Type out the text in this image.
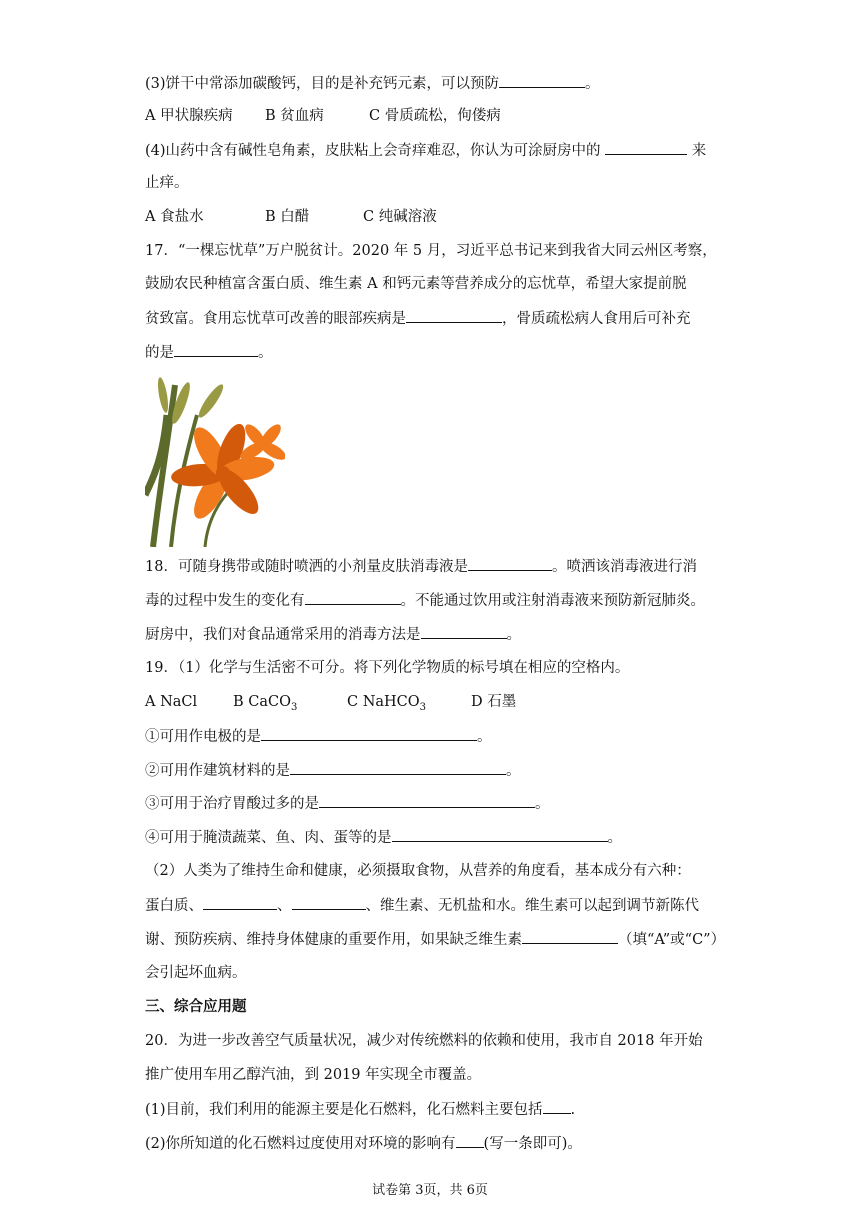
(3)饼干中常添加碳酸钙，目的是补充钙元素，可以预防	。
A 甲状腺疾病 B 贫血病	C 骨质疏松，佝偻病
(4)山药中含有碱性皂角素，皮肤粘上会奇痒难忍，你认为可涂厨房中的	来
止痒。
A 食盐水	B 白醋	C 纯碱溶液
17．“一棵忘忧草”万户脱贫计。2020 年 5 月，习近平总书记来到我省大同云州区考察，
鼓励农民种植富含蛋白质、维生素 A 和钙元素等营养成分的忘忧草，希望大家提前脱
贫致富。食用忘忧草可改善的眼部疾病是	，骨质疏松病人食用后可补充
的是	。
18．可随身携带或随时喷洒的小剂量皮肤消毒液是	。喷洒该消毒液进行消
毒的过程中发生的变化有	。不能通过饮用或注射消毒液来预防新冠肺炎。
厨房中，我们对食品通常采用的消毒方法是	。
19．（1）化学与生活密不可分。将下列化学物质的标号填在相应的空格内。
A NaCl B CaCO$_3$	C NaHCO$_3$	D 石墨
①可用作电极的是	。
②可用作建筑材料的是	。
③可用于治疗胃酸过多的是	。
④可用于腌渍蔬菜、鱼、肉、蛋等的是	。
（2）人类为了维持生命和健康，必须摄取食物，从营养的角度看，基本成分有六种：
蛋白质、	、	、维生素、无机盐和水。维生素可以起到调节新陈代
谢、预防疾病、维持身体健康的重要作用，如果缺乏维生素	（填“A”或“C”）
会引起坏血病。
三、综合应用题
20．为进一步改善空气质量状况，减少对传统燃料的依赖和使用，我市自 2018 年开始
推广使用车用乙醇汽油，到 2019 年实现全市覆盖。
(1)目前，我们利用的能源主要是化石燃料，化石燃料主要包括 .
(2)你所知道的化石燃料过度使用对环境的影响有 (写一条即可)。
试卷第 3页，共 6页
